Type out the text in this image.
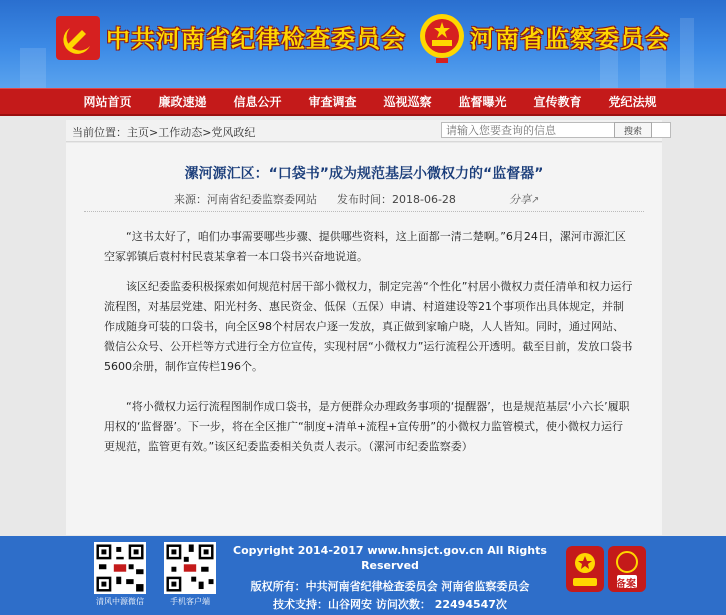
中共河南省纪律检查委员会	河南省监察委员会
网站首页	廉政速递	信息公开	审查调查	巡视巡察	监督曝光	宣传教育	党纪法规
当前位置：主页>工作动态>党风政纪
请输入您要查询的信息	搜索
漯河源汇区：“口袋书”成为规范基层小微权力的“监督器”
来源：河南省纪委监察委网站 发布时间：2018-06-28	分享↗

“这书太好了，咱们办事需要哪些步骤、提供哪些资料，这上面都一清二楚啊。”6月24日，漯河市源汇区空冢郭镇后袁村村民袁某拿着一本口袋书兴奋地说道。

该区纪委监委积极探索如何规范村居干部小微权力，制定完善“个性化”村居小微权力责任清单和权力运行流程图，对基层党建、阳光村务、惠民资金、低保（五保）申请、村道建设等21个事项作出具体规定，并制作成随身可装的口袋书，向全区98个村居农户逐一发放，真正做到家喻户晓，人人皆知。同时，通过网站、微信公众号、公开栏等方式进行全方位宣传，实现村居“小微权力”运行流程公开透明。截至目前，发放口袋书5600余册，制作宣传栏196个。

“将小微权力运行流程图制作成口袋书，是方便群众办理政务事项的‘提醒器’，也是规范基层‘小六长’履职用权的‘监督器’。下一步，将在全区推广“制度+清单+流程+宣传册”的小微权力监管模式，使小微权力运行更规范，监管更有效。”该区纪委监委相关负责人表示。（漯河市纪委监察委）

清风中源微信	手机客户端
Copyright 2014-2017 www.hnsjct.gov.cn All Rights
Reserved
版权所有：中共河南省纪律检查委员会 河南省监察委员会
技术支持：山谷网安 访问次数： 22494547次
备案
